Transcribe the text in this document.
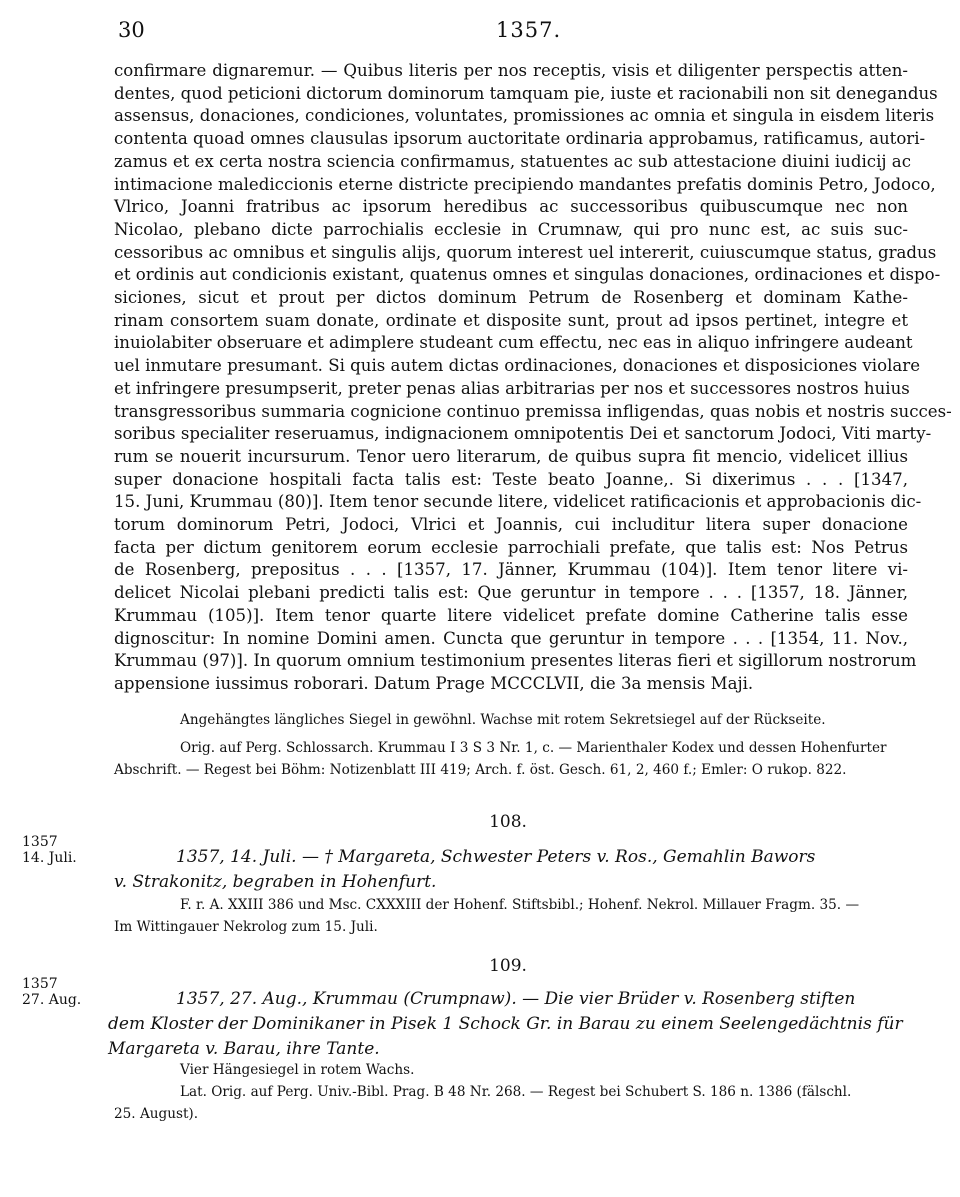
30	1357.
confirmare dignaremur. — Quibus literis per nos receptis, visis et diligenter perspectis atten-
dentes, quod peticioni dictorum dominorum tamquam pie, iuste et racionabili non sit denegandus
assensus, donaciones, condiciones, voluntates, promissiones ac omnia et singula in eisdem literis
contenta quoad omnes clausulas ipsorum auctoritate ordinaria approbamus, ratificamus, autori-
zamus et ex certa nostra sciencia confirmamus, statuentes ac sub attestacione diuini iudicij ac
intimacione malediccionis eterne districte precipiendo mandantes prefatis dominis Petro, Jodoco,
Vlrico, Joanni fratribus ac ipsorum heredibus ac successoribus quibuscumque nec non
Nicolao, plebano dicte parrochialis ecclesie in Crumnaw, qui pro nunc est, ac suis suc-
cessoribus ac omnibus et singulis alijs, quorum interest uel intererit, cuiuscumque status, gradus
et ordinis aut condicionis existant, quatenus omnes et singulas donaciones, ordinaciones et dispo-
siciones, sicut et prout per dictos dominum Petrum de Rosenberg et dominam Kathe-
rinam consortem suam donate, ordinate et disposite sunt, prout ad ipsos pertinet, integre et
inuiolabiter obseruare et adimplere studeant cum effectu, nec eas in aliquo infringere audeant
uel inmutare presumant. Si quis autem dictas ordinaciones, donaciones et disposiciones violare
et infringere presumpserit, preter penas alias arbitrarias per nos et successores nostros huius
transgressoribus summaria cognicione continuo premissa infligendas, quas nobis et nostris succes-
soribus specialiter reseruamus, indignacionem omnipotentis Dei et sanctorum Jodoci, Viti marty-
rum se nouerit incursurum. Tenor uero literarum, de quibus supra fit mencio, videlicet illius
super donacione hospitali facta talis est: Teste beato Joanne,. Si dixerimus . . . [1347,
15. Juni, Krummau (80)]. Item tenor secunde litere, videlicet ratificacionis et approbacionis dic-
torum dominorum Petri, Jodoci, Vlrici et Joannis, cui includitur litera super donacione
facta per dictum genitorem eorum ecclesie parrochiali prefate, que talis est: Nos Petrus
de Rosenberg, prepositus . . . [1357, 17. Jänner, Krummau (104)]. Item tenor litere vi-
delicet Nicolai plebani predicti talis est: Que geruntur in tempore . . . [1357, 18. Jänner,
Krummau (105)]. Item tenor quarte litere videlicet prefate domine Catherine talis esse
dignoscitur: In nomine Domini amen. Cuncta que geruntur in tempore . . . [1354, 11. Nov.,
Krummau (97)]. In quorum omnium testimonium presentes literas fieri et sigillorum nostrorum
appensione iussimus roborari. Datum Prage MCCCLVII, die 3a mensis Maji.
Angehängtes längliches Siegel in gewöhnl. Wachse mit rotem Sekretsiegel auf der Rückseite.
Orig. auf Perg. Schlossarch. Krummau I 3 S 3 Nr. 1, c. — Marienthaler Kodex und dessen Hohenfurter
Abschrift. — Regest bei Böhm: Notizenblatt III 419; Arch. f. öst. Gesch. 61, 2, 460 f.; Emler: O rukop. 822.
108.
1357
14. Juli.	1357, 14. Juli. — † Margareta, Schwester Peters v. Ros., Gemahlin Bawors
v. Strakonitz, begraben in Hohenfurt.
F. r. A. XXIII 386 und Msc. CXXXIII der Hohenf. Stiftsbibl.; Hohenf. Nekrol. Millauer Fragm. 35. —
Im Wittingauer Nekrolog zum 15. Juli.
109.
1357
27. Aug.	1357, 27. Aug., Krummau (Crumpnaw). — Die vier Brüder v. Rosenberg stiften
dem Kloster der Dominikaner in Pisek 1 Schock Gr. in Barau zu einem Seelengedächtnis für
Margareta v. Barau, ihre Tante.
Vier Hängesiegel in rotem Wachs.
Lat. Orig. auf Perg. Univ.-Bibl. Prag. B 48 Nr. 268. — Regest bei Schubert S. 186 n. 1386 (fälschl.
25. August).
